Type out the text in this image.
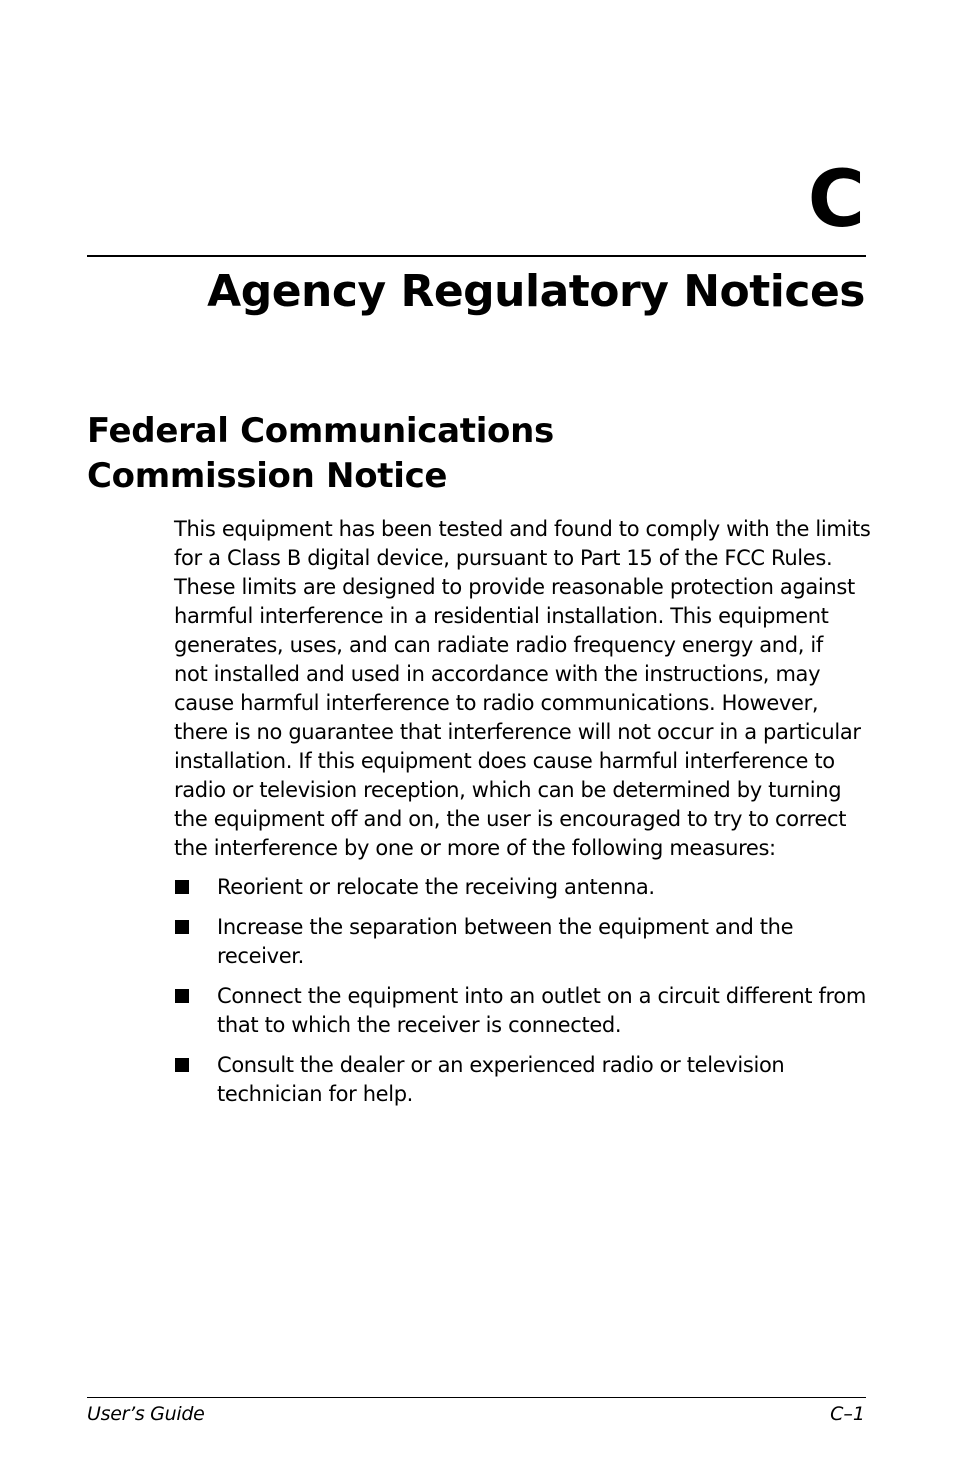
C
Agency Regulatory Notices
Federal Communications
Commission Notice

This equipment has been tested and found to comply with the limits
for a Class B digital device, pursuant to Part 15 of the FCC Rules.
These limits are designed to provide reasonable protection against
harmful interference in a residential installation. This equipment
generates, uses, and can radiate radio frequency energy and, if
not installed and used in accordance with the instructions, may
cause harmful interference to radio communications. However,
there is no guarantee that interference will not occur in a particular
installation. If this equipment does cause harmful interference to
radio or television reception, which can be determined by turning
the equipment off and on, the user is encouraged to try to correct
the interference by one or more of the following measures:

Reorient or relocate the receiving antenna.
Increase the separation between the equipment and the
receiver.
Connect the equipment into an outlet on a circuit different from
that to which the receiver is connected.
Consult the dealer or an experienced radio or television
technician for help.
User’s Guide	C–1
